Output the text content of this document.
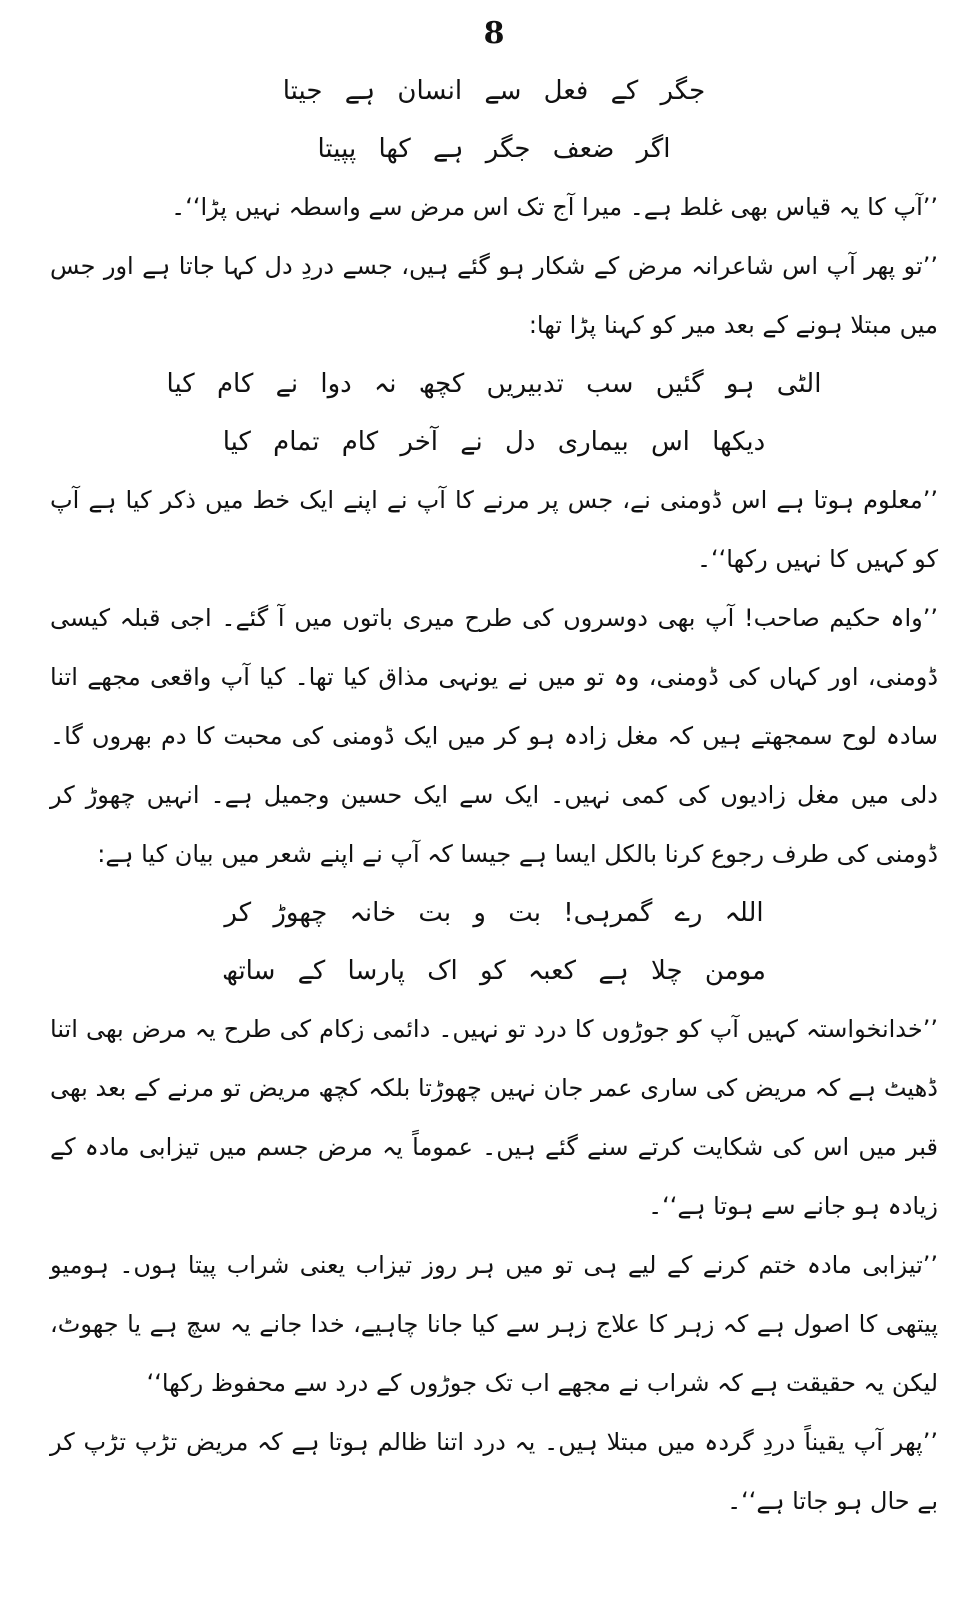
8

جگر کے فعل سے انسان ہے جیتا

اگر ضعف جگر ہے کھا پپیتا

’’آپ کا یہ قیاس بھی غلط ہے۔ میرا آج تک اس مرض سے واسطہ نہیں پڑا‘‘۔

’’تو پھر آپ اس شاعرانہ مرض کے شکار ہو گئے ہیں، جسے دردِ دل کہا جاتا ہے اور جس میں مبتلا ہونے کے بعد میر کو کہنا پڑا تھا:

الٹی ہو گئیں سب تدبیریں کچھ نہ دوا نے کام کیا

دیکھا اس بیماری دل نے آخر کام تمام کیا

’’معلوم ہوتا ہے اس ڈومنی نے، جس پر مرنے کا آپ نے اپنے ایک خط میں ذکر کیا ہے آپ کو کہیں کا نہیں رکھا‘‘۔

’’واہ حکیم صاحب! آپ بھی دوسروں کی طرح میری باتوں میں آ گئے۔ اجی قبلہ کیسی ڈومنی، اور کہاں کی ڈومنی، وہ تو میں نے یونہی مذاق کیا تھا۔ کیا آپ واقعی مجھے اتنا سادہ لوح سمجھتے ہیں کہ مغل زادہ ہو کر میں ایک ڈومنی کی محبت کا دم بھروں گا۔ دلی میں مغل زادیوں کی کمی نہیں۔ ایک سے ایک حسین وجمیل ہے۔ انہیں چھوڑ کر ڈومنی کی طرف رجوع کرنا بالکل ایسا ہے جیسا کہ آپ نے اپنے شعر میں بیان کیا ہے:

اللہ رے گمرہی! بت و بت خانہ چھوڑ کر

مومن چلا ہے کعبہ کو اک پارسا کے ساتھ

’’خدانخواستہ کہیں آپ کو جوڑوں کا درد تو نہیں۔ دائمی زکام کی طرح یہ مرض بھی اتنا ڈھیٹ ہے کہ مریض کی ساری عمر جان نہیں چھوڑتا بلکہ کچھ مریض تو مرنے کے بعد بھی قبر میں اس کی شکایت کرتے سنے گئے ہیں۔ عموماً یہ مرض جسم میں تیزابی مادہ کے زیادہ ہو جانے سے ہوتا ہے‘‘۔

’’تیزابی مادہ ختم کرنے کے لیے ہی تو میں ہر روز تیزاب یعنی شراب پیتا ہوں۔ ہومیو پیتھی کا اصول ہے کہ زہر کا علاج زہر سے کیا جانا چاہیے، خدا جانے یہ سچ ہے یا جھوٹ، لیکن یہ حقیقت ہے کہ شراب نے مجھے اب تک جوڑوں کے درد سے محفوظ رکھا‘‘

’’پھر آپ یقیناً دردِ گردہ میں مبتلا ہیں۔ یہ درد اتنا ظالم ہوتا ہے کہ مریض تڑپ تڑپ کر بے حال ہو جاتا ہے‘‘۔
